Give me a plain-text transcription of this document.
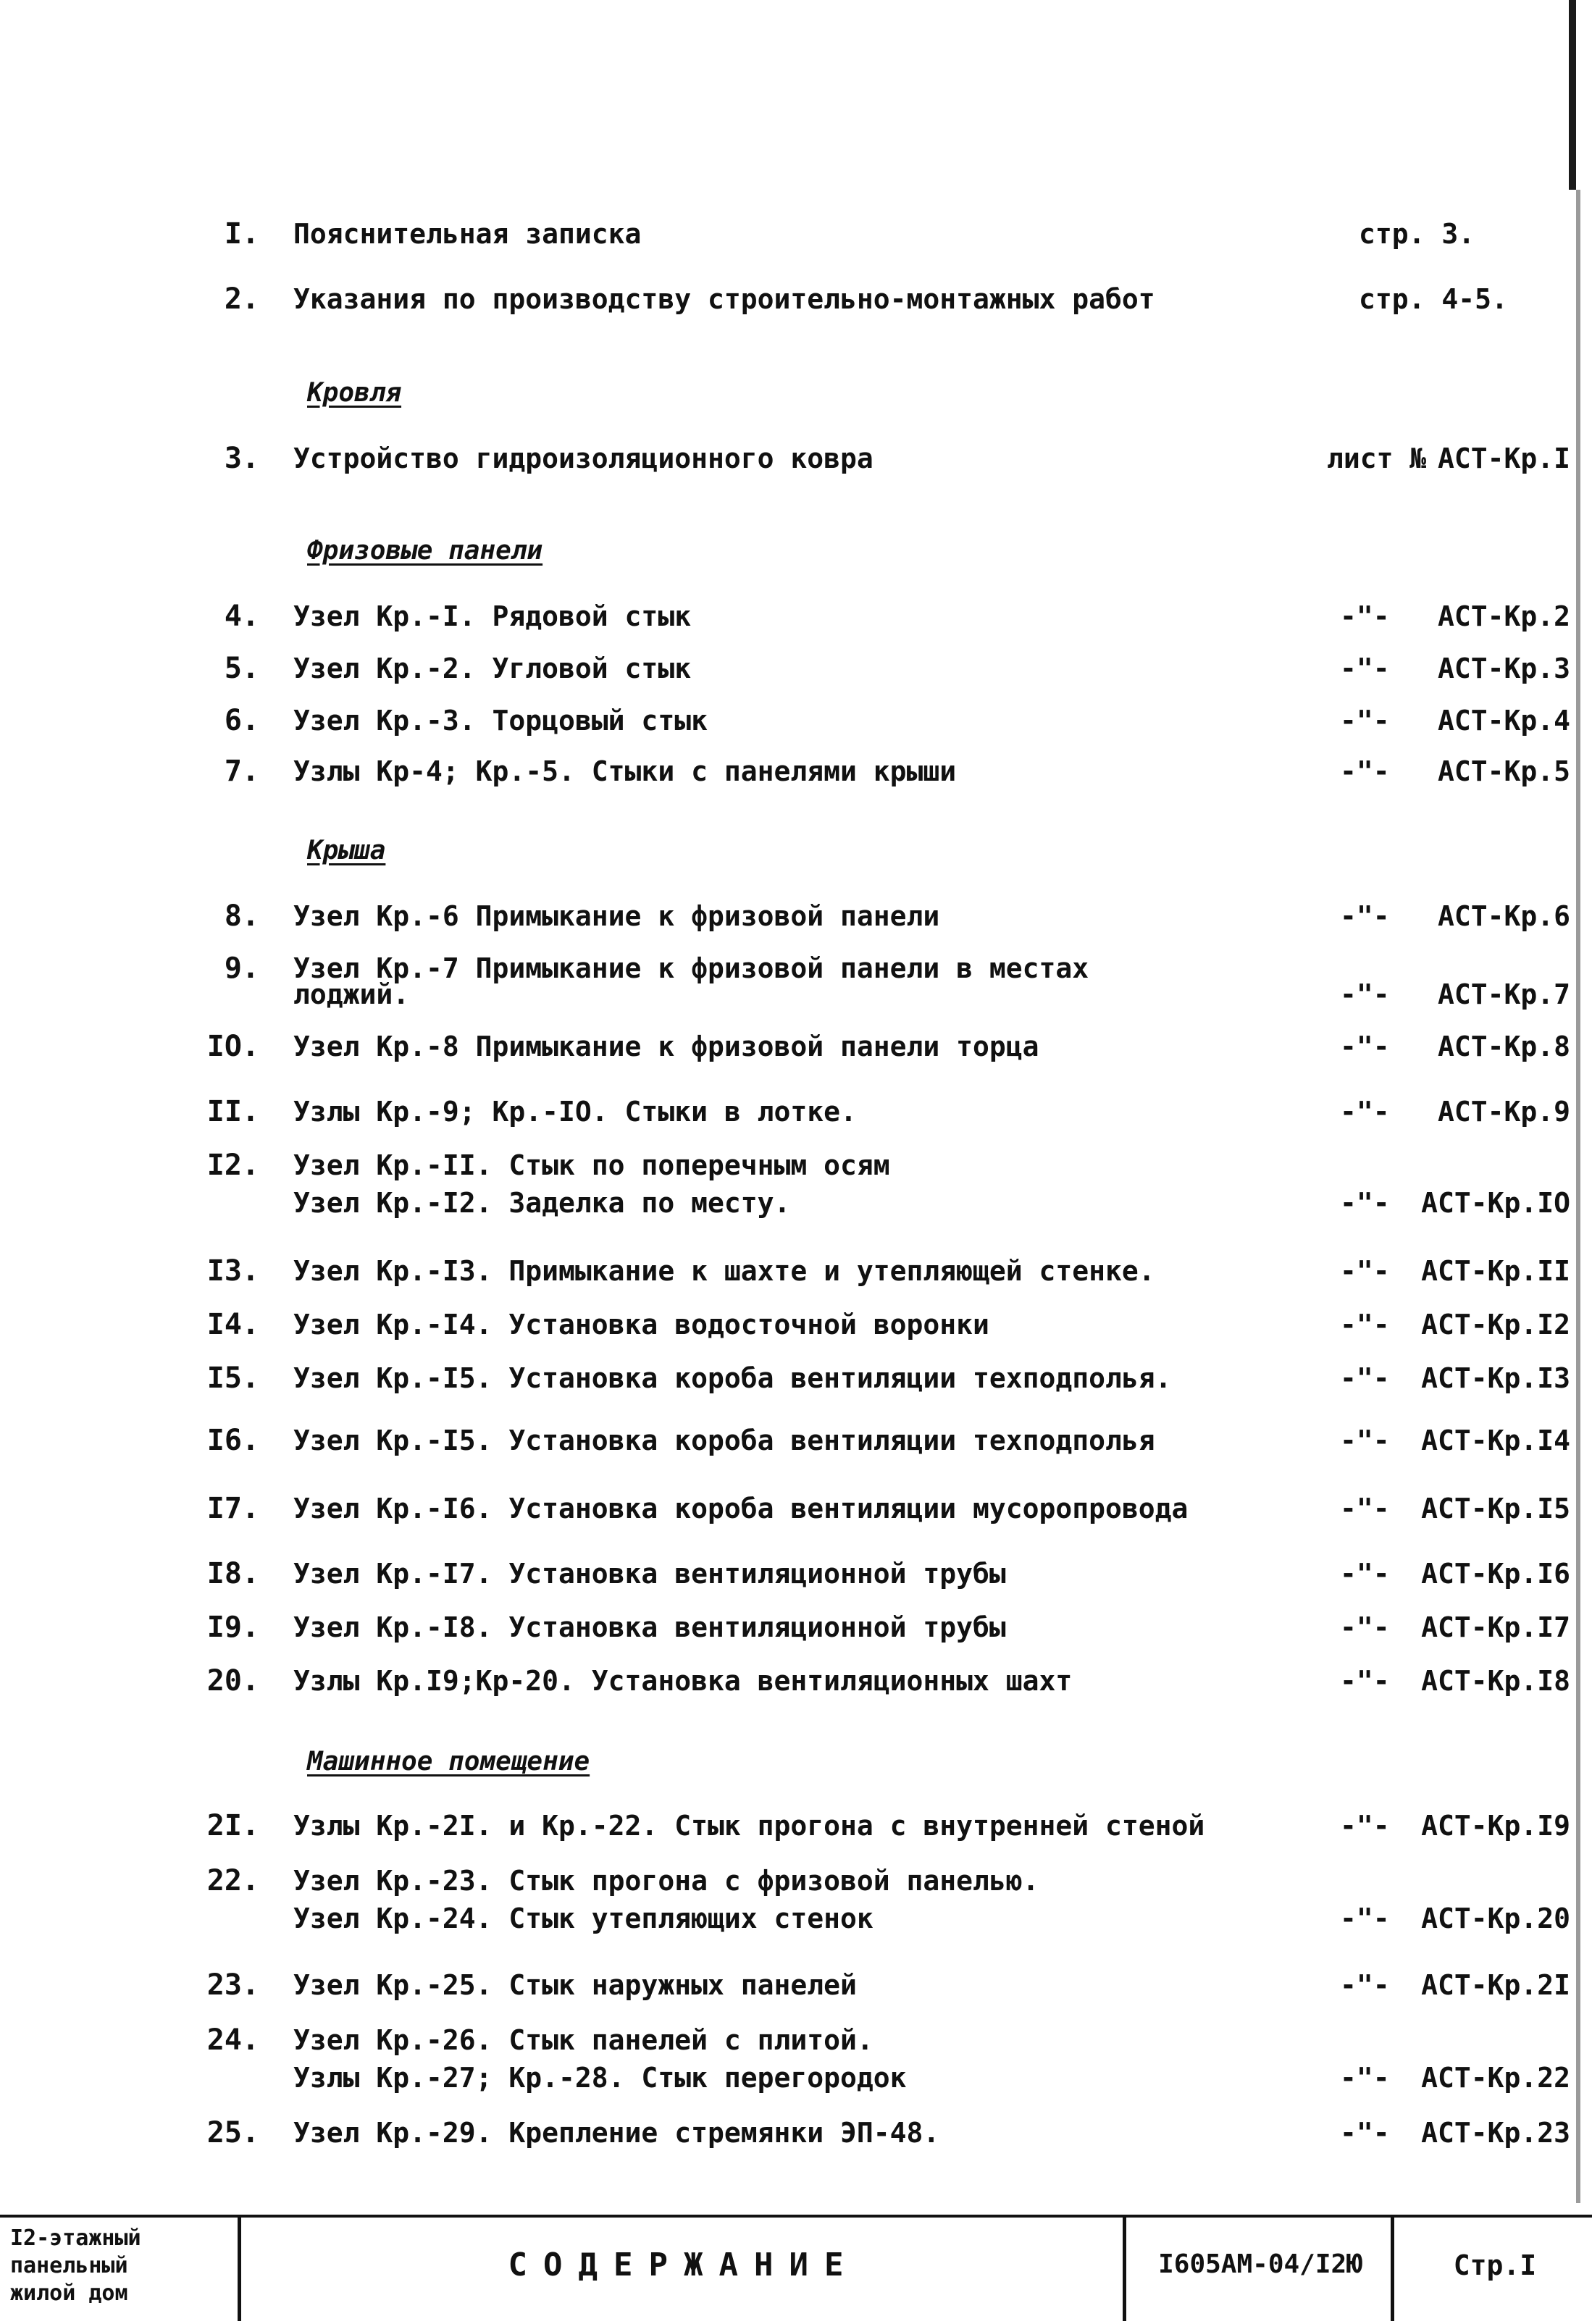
I. Пояснительная записка	стр. 3.
2. Указания по производству строительно-монтажных работ	стр. 4-5.
Кровля
3. Устройство гидроизоляционного ковра	лист № АСТ-Кр.I
Фризовые панели
4. Узел Кр.-I. Рядовой стык	-"- АСТ-Кр.2
5. Узел Кр.-2. Угловой стык	-"- АСТ-Кр.3
6. Узел Кр.-3. Торцовый стык	-"- АСТ-Кр.4
7. Узлы Кр-4; Кр.-5. Стыки с панелями крыши	-"- АСТ-Кр.5
Крыша
8. Узел Кр.-6 Примыкание к фризовой панели	-"- АСТ-Кр.6
9. Узел Кр.-7 Примыкание к фризовой панели в местах
лоджий.	-"- АСТ-Кр.7
IO. Узел Кр.-8 Примыкание к фризовой панели торца	-"- АСТ-Кр.8
II. Узлы Кр.-9; Кр.-IO. Стыки в лотке.	-"- АСТ-Кр.9
I2. Узел Кр.-II. Стык по поперечным осям
Узел Кр.-I2. Заделка по месту.	-"- АСТ-Кр.IO
I3. Узел Кр.-I3. Примыкание к шахте и утепляющей стенке.	-"- АСТ-Кр.II
I4. Узел Кр.-I4. Установка водосточной воронки	-"- АСТ-Кр.I2
I5. Узел Кр.-I5. Установка короба вентиляции техподполья.	-"- АСТ-Кр.I3
I6. Узел Кр.-I5. Установка короба вентиляции техподполья	-"- АСТ-Кр.I4
I7. Узел Кр.-I6. Установка короба вентиляции мусоропровода	-"- АСТ-Кр.I5
I8. Узел Кр.-I7. Установка вентиляционной трубы	-"- АСТ-Кр.I6
I9. Узел Кр.-I8. Установка вентиляционной трубы	-"- АСТ-Кр.I7
20. Узлы Кр.I9;Кр-20. Установка вентиляционных шахт	-"- АСТ-Кр.I8
Машинное помещение
2I. Узлы Кр.-2I. и Кр.-22. Стык прогона с внутренней стеной	-"- АСТ-Кр.I9
22. Узел Кр.-23. Стык прогона с фризовой панелью.
Узел Кр.-24. Стык утепляющих стенок	-"- АСТ-Кр.20
23. Узел Кр.-25. Стык наружных панелей	-"- АСТ-Кр.2I
24. Узел Кр.-26. Стык панелей с плитой.
Узлы Кр.-27; Кр.-28. Стык перегородок	-"- АСТ-Кр.22
25. Узел Кр.-29. Крепление стремянки ЭП-48.	-"- АСТ-Кр.23
I2-этажный
панельный
жилой дом
СОДЕРЖАНИЕ	I605АМ-04/I2Ю	Стр.I
